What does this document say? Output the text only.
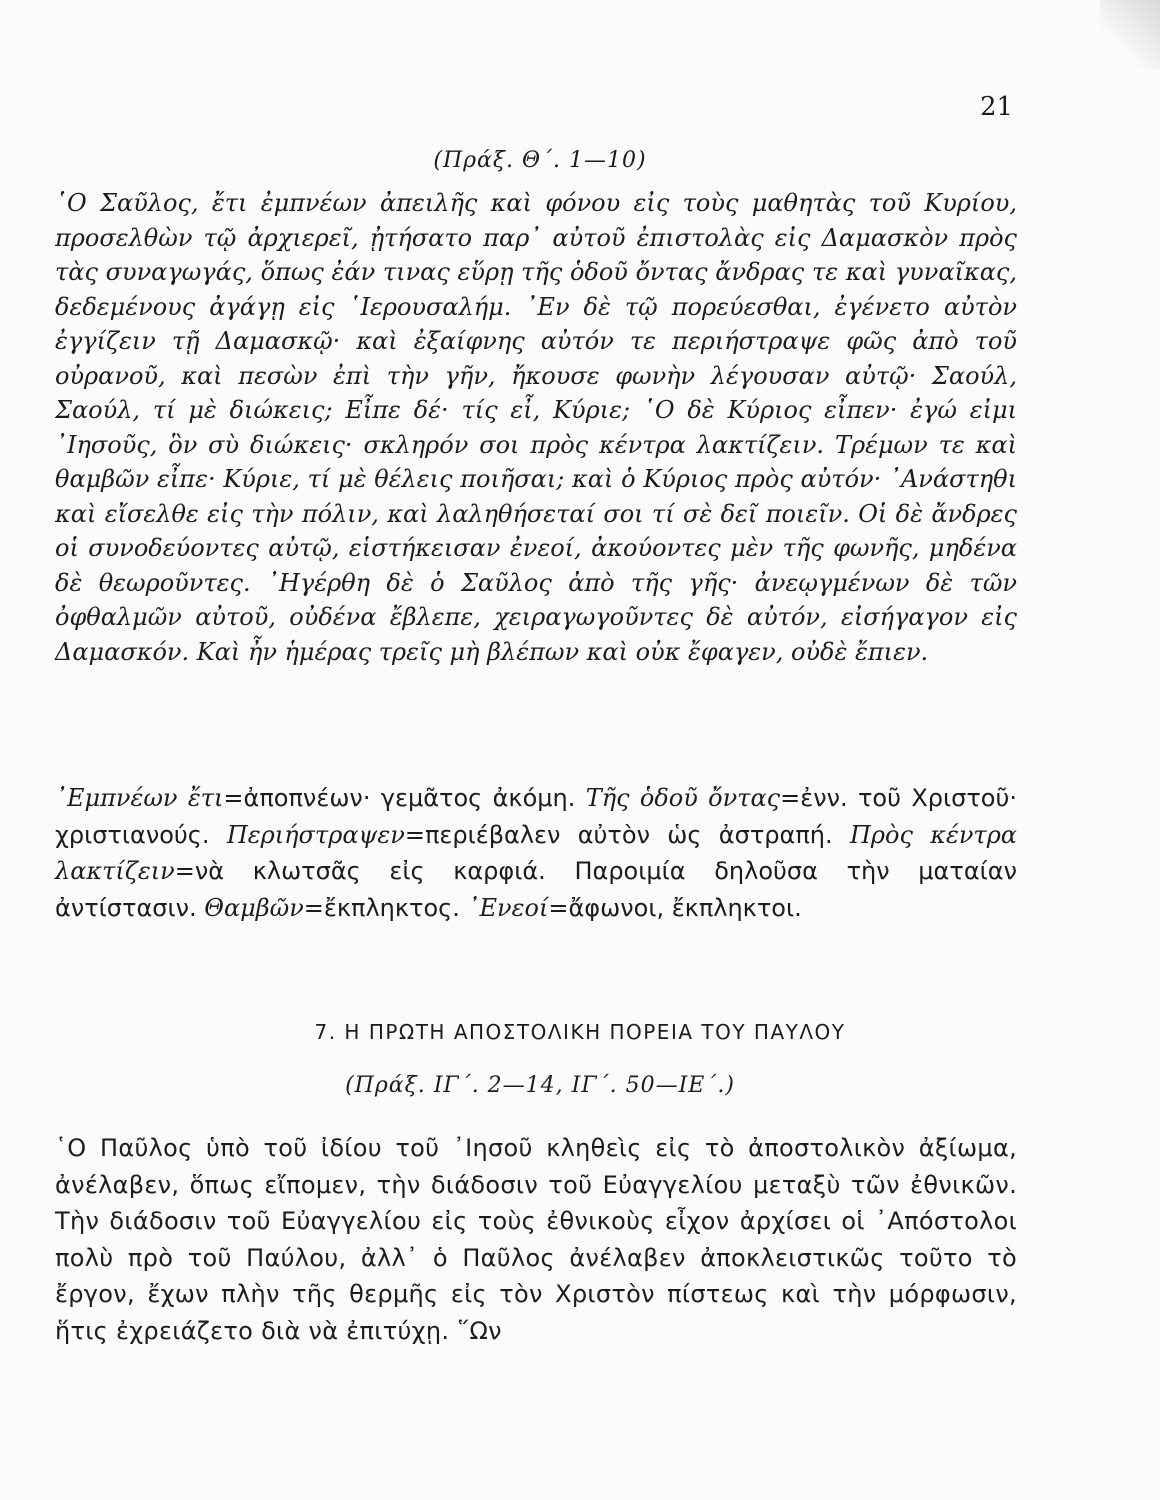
21
(Πράξ. Θ΄. 1—10)

῾Ο Σαῦλος, ἔτι ἐμπνέων ἀπειλῆς καὶ φόνου εἰς τοὺς μαθητὰς τοῦ Κυρίου, προσελθὼν τῷ ἀρχιερεῖ, ᾐτήσατο παρ᾿ αὐτοῦ ἐπιστολὰς εἰς Δαμασκὸν πρὸς τὰς συναγωγάς, ὅπως ἐάν τινας εὕρῃ τῆς ὁδοῦ ὄντας ἄνδρας τε καὶ γυναῖκας, δεδεμένους ἀγάγῃ εἰς ῾Ιερουσαλήμ. ᾿Εν δὲ τῷ πορεύεσθαι, ἐγένετο αὐτὸν ἐγγίζειν τῇ Δαμασκῷ· καὶ ἐξαίφνης αὐτόν τε περιήστραψε φῶς ἀπὸ τοῦ οὐρανοῦ, καὶ πεσὼν ἐπὶ τὴν γῆν, ἤκουσε φωνὴν λέγουσαν αὐτῷ· Σαούλ, Σαούλ, τί μὲ διώκεις; Εἶπε δέ· τίς εἶ, Κύριε; ῾Ο δὲ Κύριος εἶπεν· ἐγώ εἰμι ᾿Ιησοῦς, ὃν σὺ διώκεις· σκληρόν σοι πρὸς κέντρα λακτίζειν. Τρέμων τε καὶ θαμβῶν εἶπε· Κύριε, τί μὲ θέλεις ποιῆσαι; καὶ ὁ Κύριος πρὸς αὐτόν· ᾿Ανάστηθι καὶ εἴσελθε εἰς τὴν πόλιν, καὶ λαληθήσεταί σοι τί σὲ δεῖ ποιεῖν. Οἱ δὲ ἄνδρες οἱ συνοδεύοντες αὐτῷ, εἱστήκεισαν ἐνεοί, ἀκούοντες μὲν τῆς φωνῆς, μηδένα δὲ θεωροῦντες. ᾿Ηγέρθη δὲ ὁ Σαῦλος ἀπὸ τῆς γῆς· ἀνεῳγμένων δὲ τῶν ὀφθαλμῶν αὐτοῦ, οὐδένα ἔβλεπε, χειραγωγοῦντες δὲ αὐτόν, εἰσήγαγον εἰς Δαμασκόν. Καὶ ἦν ἡμέρας τρεῖς μὴ βλέπων καὶ οὐκ ἔφαγεν, οὐδὲ ἔπιεν.

᾿Εμπνέων ἔτι=ἀποπνέων· γεμᾶτος ἀκόμη. Τῆς ὁδοῦ ὄντας=ἐνν. τοῦ Χριστοῦ· χριστιανούς. Περιήστραψεν=περιέβαλεν αὐτὸν ὡς ἀστραπή. Πρὸς κέντρα λακτίζειν=νὰ κλωτσᾶς εἰς καρφιά. Παροιμία δηλοῦσα τὴν ματαίαν ἀντίστασιν. Θαμβῶν=ἔκπληκτος. ᾿Ενεοί=ἄφωνοι, ἔκπληκτοι.

7. Η ΠΡΩΤΗ ΑΠΟΣΤΟΛΙΚΗ ΠΟΡΕΙΑ ΤΟΥ ΠΑΥΛΟΥ
(Πράξ. ΙΓ΄. 2—14, ΙΓ΄. 50—ΙΕ΄.)

῾Ο Παῦλος ὑπὸ τοῦ ἰδίου τοῦ ᾿Ιησοῦ κληθεὶς εἰς τὸ ἀποστολικὸν ἀξίωμα, ἀνέλαβεν, ὅπως εἴπομεν, τὴν διάδοσιν τοῦ Εὐαγγελίου μεταξὺ τῶν ἐθνικῶν. Τὴν διάδοσιν τοῦ Εὐαγγελίου εἰς τοὺς ἐθνικοὺς εἶχον ἀρχίσει οἱ ᾿Απόστολοι πολὺ πρὸ τοῦ Παύλου, ἀλλ᾿ ὁ Παῦλος ἀνέλαβεν ἀποκλειστικῶς τοῦτο τὸ ἔργον, ἔχων πλὴν τῆς θερμῆς εἰς τὸν Χριστὸν πίστεως καὶ τὴν μόρφωσιν, ἥτις ἐχρειάζετο διὰ νὰ ἐπιτύχῃ. ῞Ων
